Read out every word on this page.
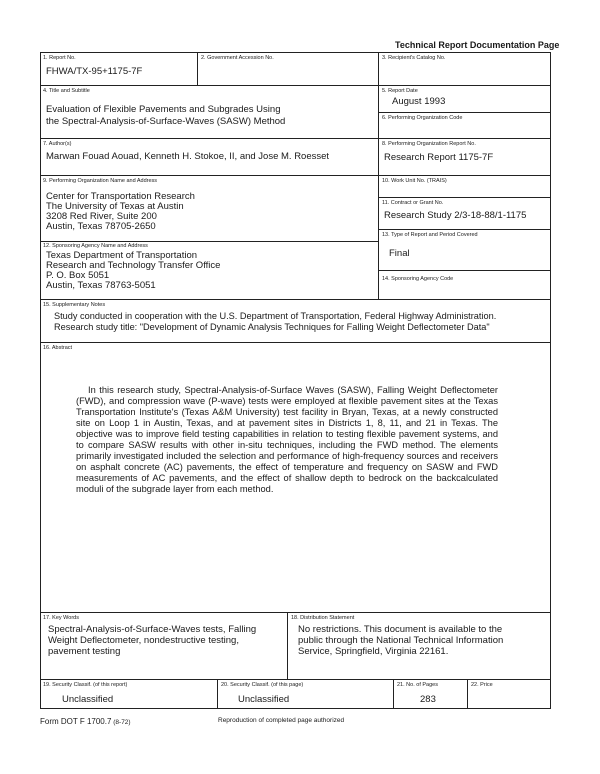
Technical Report Documentation Page
1. Report No.
FHWA/TX-95+1175-7F
2. Government Accession No.	3. Recipient's Catalog No.
4. Title and Subtitle
Evaluation of Flexible Pavements and Subgrades Using
the Spectral-Analysis-of-Surface-Waves (SASW) Method
5. Report Date
August 1993
6. Performing Organization Code
7. Author(s)
Marwan Fouad Aouad, Kenneth H. Stokoe, II, and Jose M. Roesset
8. Performing Organization Report No.
Research Report 1175-7F
9. Performing Organization Name and Address
Center for Transportation Research
The University of Texas at Austin
3208 Red River, Suite 200
Austin, Texas 78705-2650
10. Work Unit No. (TRAIS)
11. Contract or Grant No.
Research Study 2/3-18-88/1-1175
13. Type of Report and Period Covered
Final
12. Sponsoring Agency Name and Address
Texas Department of Transportation
Research and Technology Transfer Office
P. O. Box 5051
Austin, Texas 78763-5051
14. Sponsoring Agency Code
15. Supplementary Notes
Study conducted in cooperation with the U.S. Department of Transportation, Federal Highway Administration.
Research study title: "Development of Dynamic Analysis Techniques for Falling Weight Deflectometer Data"
16. Abstract
In this research study, Spectral-Analysis-of-Surface Waves (SASW), Falling Weight Deflectometer (FWD), and compression wave (P-wave) tests were employed at flexible pavement sites at the Texas Transportation Institute's (Texas A&M University) test facility in Bryan, Texas, at a newly constructed site on Loop 1 in Austin, Texas, and at pavement sites in Districts 1, 8, 11, and 21 in Texas. The objective was to improve field testing capabilities in relation to testing flexible pavement systems, and to compare SASW results with other in-situ techniques, including the FWD method. The elements primarily investigated included the selection and performance of high-frequency sources and receivers on asphalt concrete (AC) pavements, the effect of temperature and frequency on SASW and FWD measurements of AC pavements, and the effect of shallow depth to bedrock on the backcalculated moduli of the subgrade layer from each method.
17. Key Words
Spectral-Analysis-of-Surface-Waves tests, Falling
Weight Deflectometer, nondestructive testing,
pavement testing
18. Distribution Statement
No restrictions. This document is available to the
public through the National Technical Information
Service, Springfield, Virginia 22161.
19. Security Classif. (of this report)
Unclassified
20. Security Classif. (of this page)
Unclassified
21. No. of Pages
283
22. Price
Form DOT F 1700.7 (8-72)	Reproduction of completed page authorized
